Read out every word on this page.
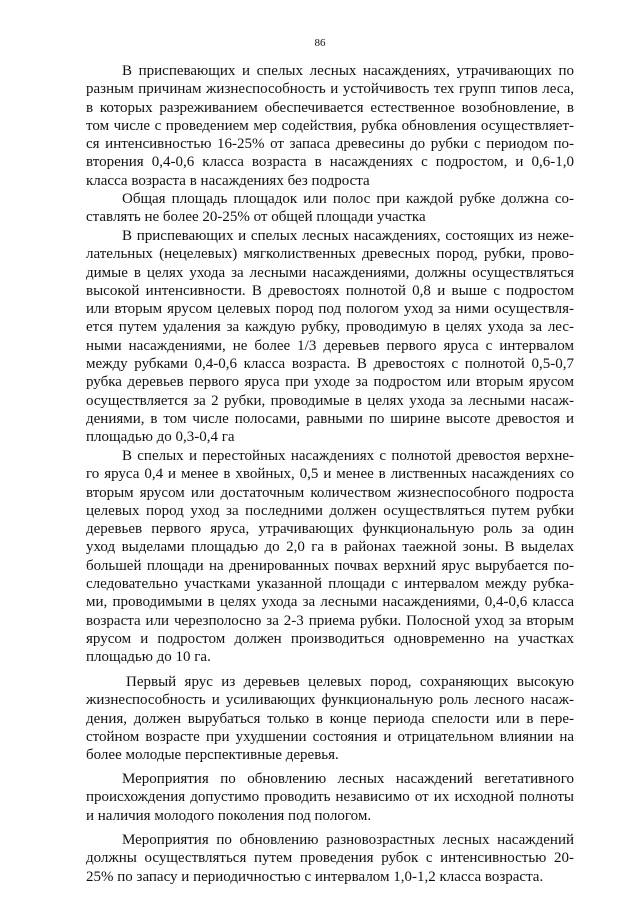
86
В приспевающих и спелых лесных насаждениях, утрачивающих по
разным причинам жизнеспособность и устойчивость тех групп типов леса,
в которых разреживанием обеспечивается естественное возобновление, в
том числе с проведением мер содействия, рубка обновления осуществляет-
ся интенсивностью 16-25% от запаса древесины до рубки с периодом по-
вторения 0,4-0,6 класса возраста в насаждениях с подростом, и 0,6-1,0
класса возраста в насаждениях без подроста
Общая площадь площадок или полос при каждой рубке должна со-
ставлять не более 20-25% от общей площади участка
В приспевающих и спелых лесных насаждениях, состоящих из неже-
лательных (нецелевых) мягколиственных древесных пород, рубки, прово-
димые в целях ухода за лесными насаждениями, должны осуществляться
высокой интенсивности. В древостоях полнотой 0,8 и выше с подростом
или вторым ярусом целевых пород под пологом уход за ними осуществля-
ется путем удаления за каждую рубку, проводимую в целях ухода за лес-
ными насаждениями, не более 1/3 деревьев первого яруса с интервалом
между рубками 0,4-0,6 класса возраста. В древостоях с полнотой 0,5-0,7
рубка деревьев первого яруса при уходе за подростом или вторым ярусом
осуществляется за 2 рубки, проводимые в целях ухода за лесными насаж-
дениями, в том числе полосами, равными по ширине высоте древостоя и
площадью до 0,3-0,4 га
В спелых и перестойных насаждениях с полнотой древостоя верхне-
го яруса 0,4 и менее в хвойных, 0,5 и менее в лиственных насаждениях со
вторым ярусом или достаточным количеством жизнеспособного подроста
целевых пород уход за последними должен осуществляться путем рубки
деревьев первого яруса, утрачивающих функциональную роль за один
уход выделами площадью до 2,0 га в районах таежной зоны. В выделах
большей площади на дренированных почвах верхний ярус вырубается по-
следовательно участками указанной площади с интервалом между рубка-
ми, проводимыми в целях ухода за лесными насаждениями, 0,4-0,6 класса
возраста или черезполосно за 2-3 приема рубки. Полосной уход за вторым
ярусом и подростом должен производиться одновременно на участках
площадью до 10 га.
Первый ярус из деревьев целевых пород, сохраняющих высокую
жизнеспособность и усиливающих функциональную роль лесного насаж-
дения, должен вырубаться только в конце периода спелости или в пере-
стойном возрасте при ухудшении состояния и отрицательном влиянии на
более молодые перспективные деревья.
Мероприятия по обновлению лесных насаждений вегетативного
происхождения допустимо проводить независимо от их исходной полноты
и наличия молодого поколения под пологом.
Мероприятия по обновлению разновозрастных лесных насаждений
должны осуществляться путем проведения рубок с интенсивностью 20-
25% по запасу и периодичностью с интервалом 1,0-1,2 класса возраста.
